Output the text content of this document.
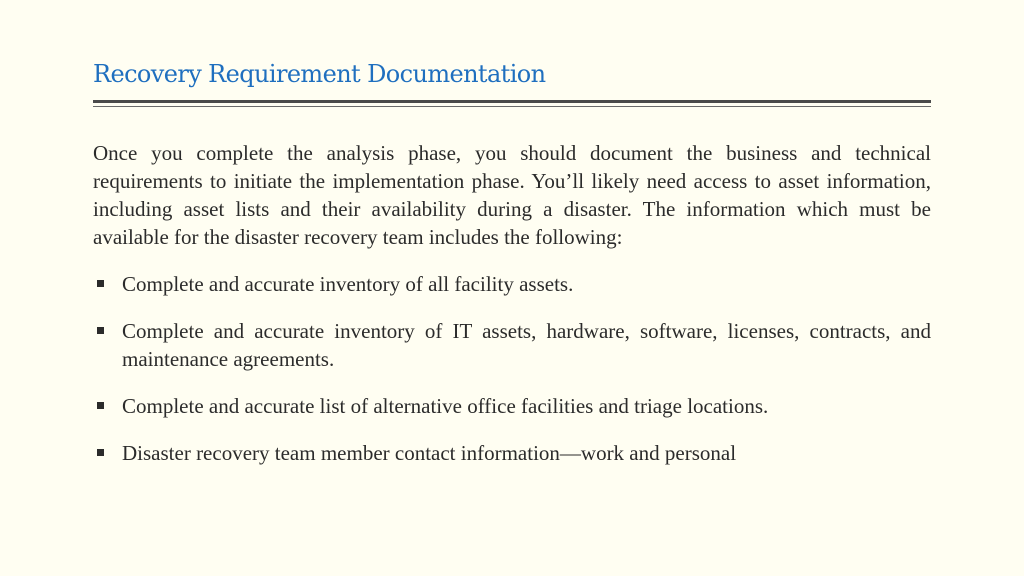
Recovery Requirement Documentation

Once you complete the analysis phase, you should document the business and technical requirements to initiate the implementation phase. You’ll likely need access to asset information, including asset lists and their availability during a disaster. The information which must be available for the disaster recovery team includes the following:

Complete and accurate inventory of all facility assets.
Complete and accurate inventory of IT assets, hardware, software, licenses, contracts, and maintenance agreements.
Complete and accurate list of alternative office facilities and triage locations.
Disaster recovery team member contact information—work and personal
